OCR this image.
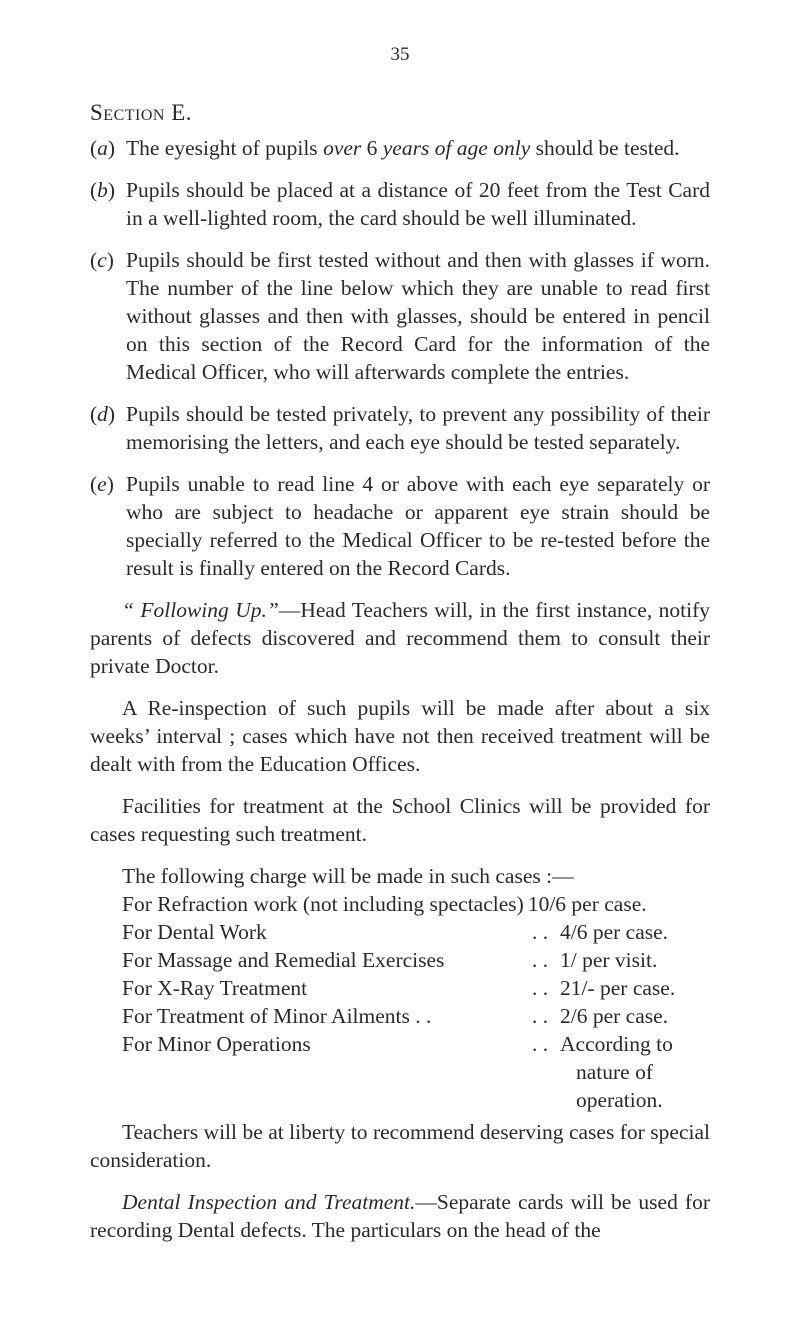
35
Section E.
(a) The eyesight of pupils over 6 years of age only should be tested.
(b) Pupils should be placed at a distance of 20 feet from the Test Card in a well-lighted room, the card should be well illuminated.
(c) Pupils should be first tested without and then with glasses if worn. The number of the line below which they are unable to read first without glasses and then with glasses, should be entered in pencil on this section of the Record Card for the information of the Medical Officer, who will afterwards complete the entries.
(d) Pupils should be tested privately, to prevent any possibility of their memorising the letters, and each eye should be tested separately.
(e) Pupils unable to read line 4 or above with each eye separately or who are subject to headache or apparent eye strain should be specially referred to the Medical Officer to be re-tested before the result is finally entered on the Record Cards.
“ Following Up.”—Head Teachers will, in the first instance, notify parents of defects discovered and recommend them to consult their private Doctor.
A Re-inspection of such pupils will be made after about a six weeks’ interval ; cases which have not then received treatment will be dealt with from the Education Offices.
Facilities for treatment at the School Clinics will be provided for cases requesting such treatment.

The following charge will be made in such cases :—

For Refraction work (not including spectacles) 10/6 per case.
For Dental Work	. . 4/6 per case.
For Massage and Remedial Exercises	. . 1/ per visit.
For X-Ray Treatment	. . 21/- per case.
For Treatment of Minor Ailments . .	. . 2/6 per case.
For Minor Operations	. . According to
nature of
operation.
Teachers will be at liberty to recommend deserving cases for special consideration.
Dental Inspection and Treatment.—Separate cards will be used for recording Dental defects. The particulars on the head of the
